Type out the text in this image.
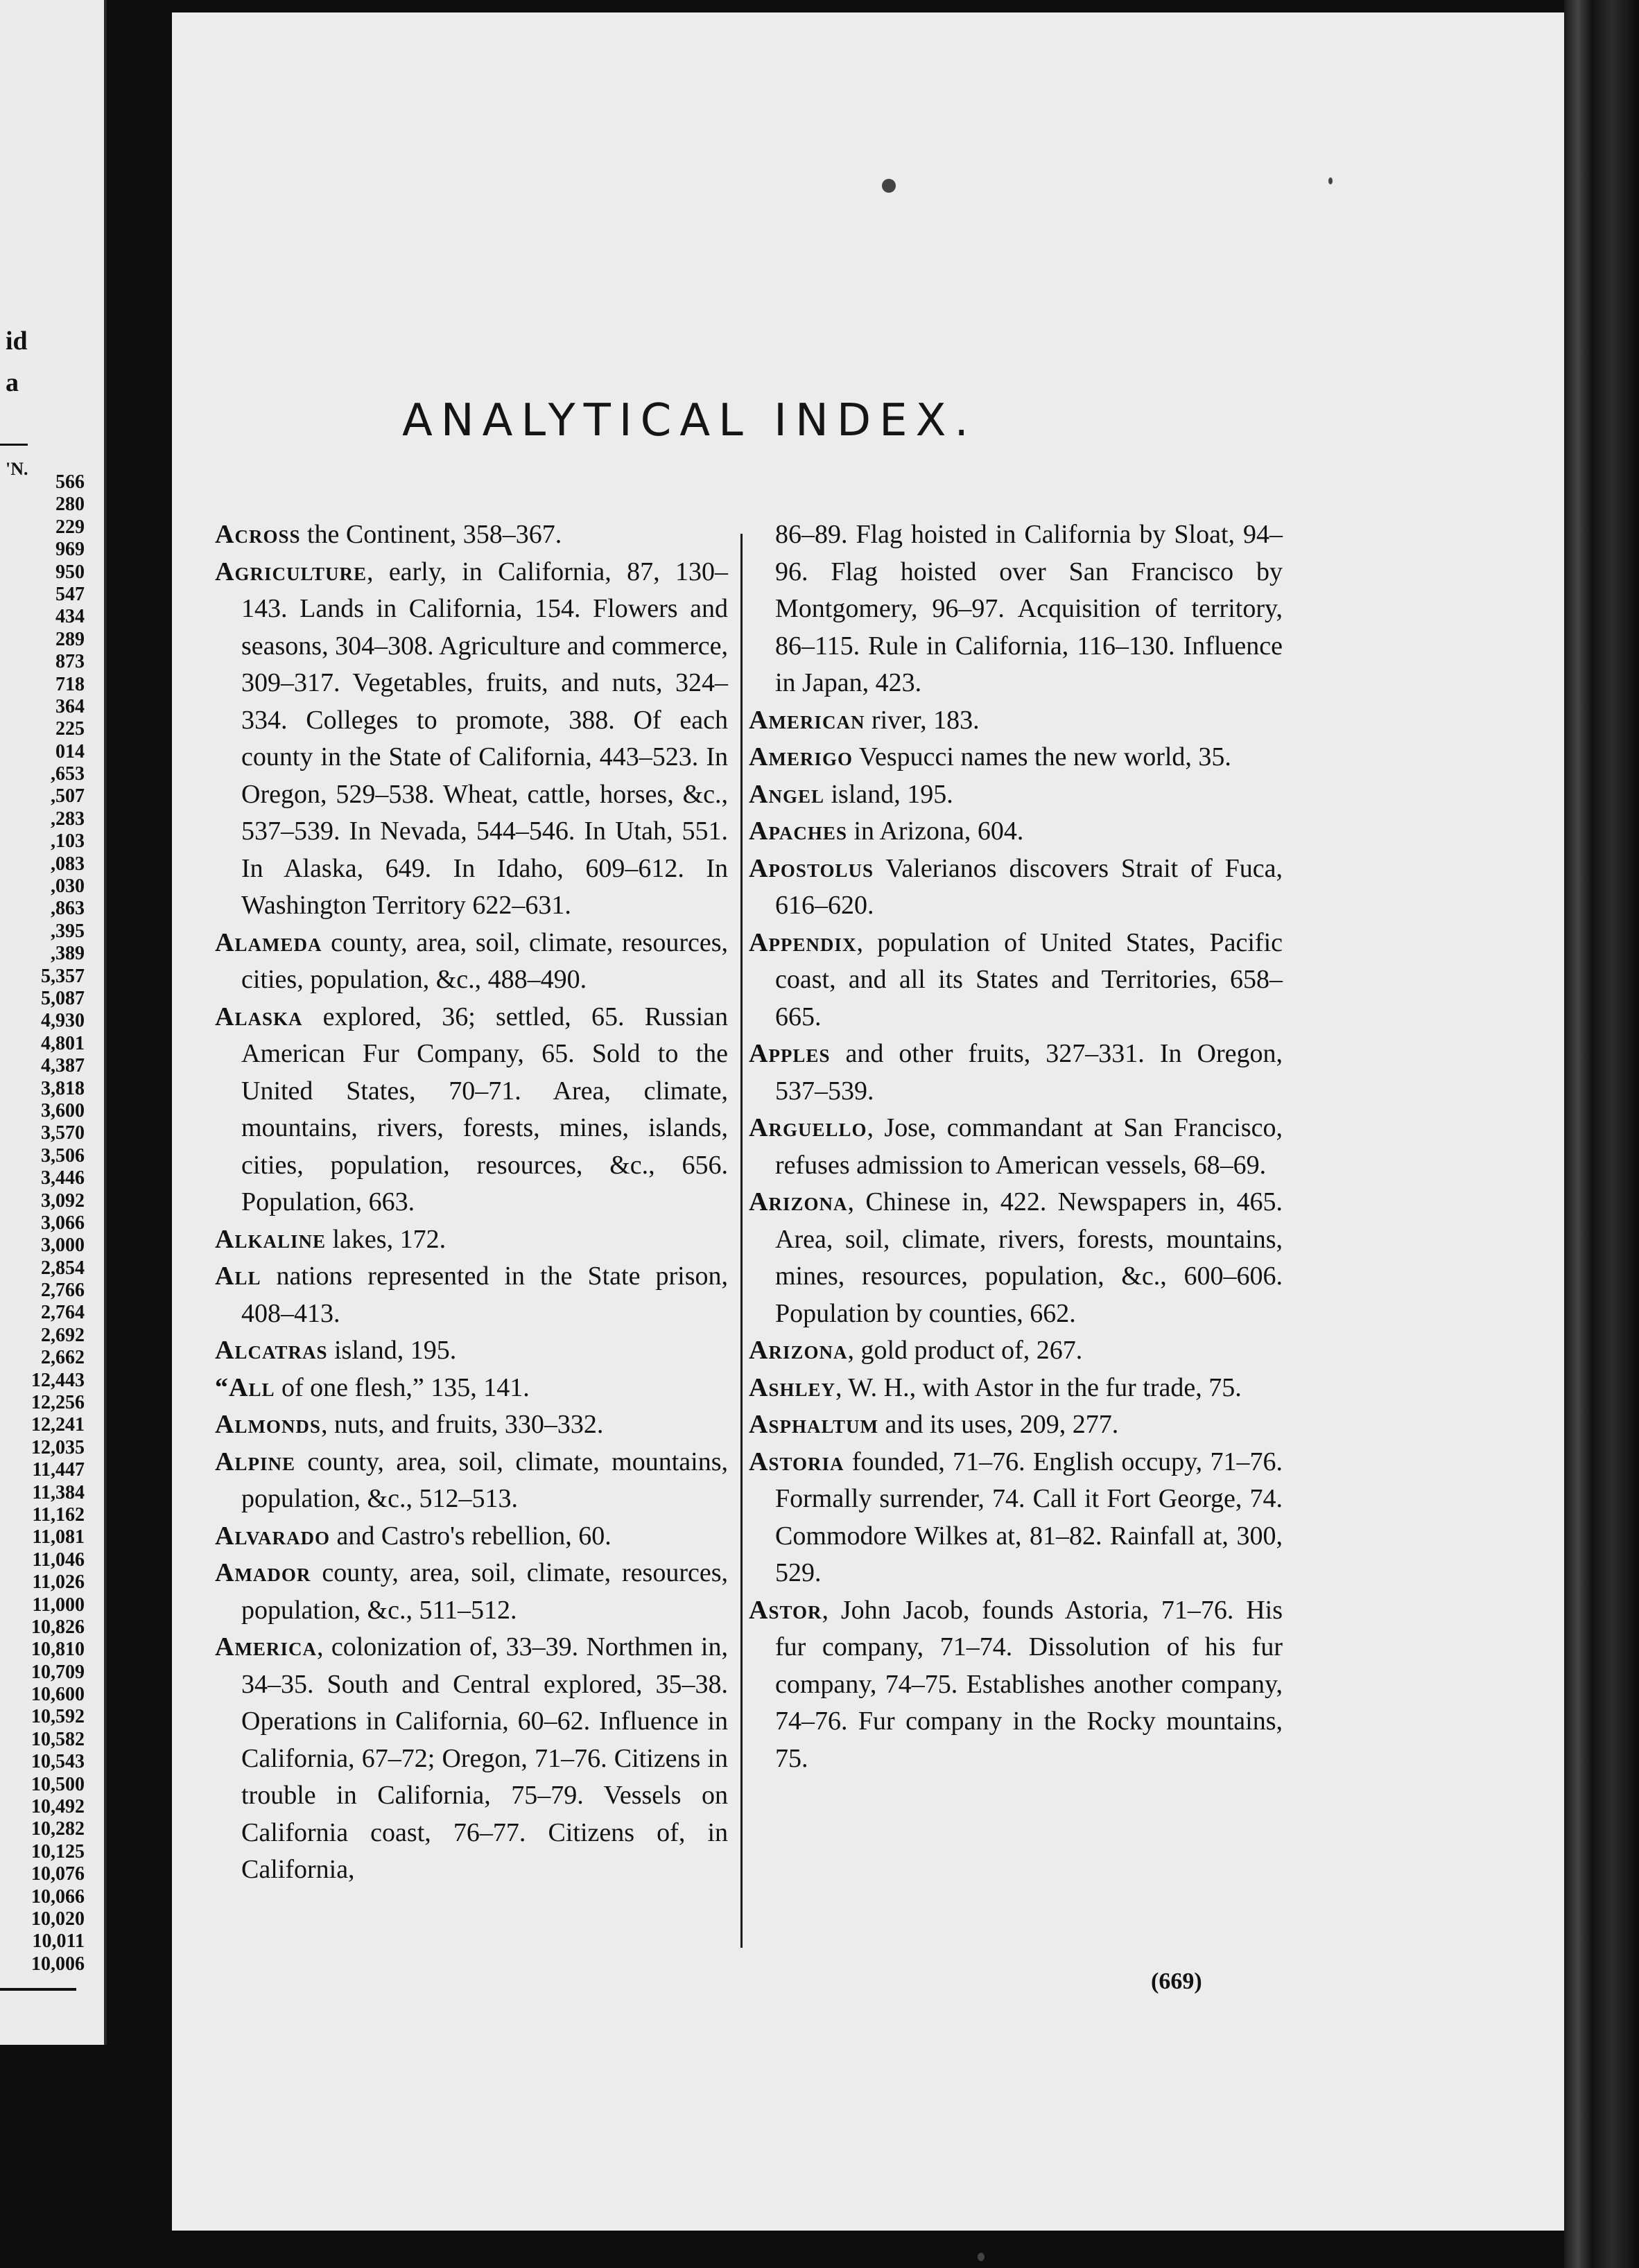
id
a
'N.
566
280
229
969
950
547
434
289
873
718
364
225
014
,653
,507
,283
,103
,083
,030
,863
,395
,389
5,357
5,087
4,930
4,801
4,387
3,818
3,600
3,570
3,506
3,446
3,092
3,066
3,000
2,854
2,766
2,764
2,692
2,662
12,443
12,256
12,241
12,035
11,447
11,384
11,162
11,081
11,046
11,026
11,000
10,826
10,810
10,709
10,600
10,592
10,582
10,543
10,500
10,492
10,282
10,125
10,076
10,066
10,020
10,011
10,006
ANALYTICAL INDEX.
Across the Continent, 358–367.
Agriculture, early, in California, 87, 130–143. Lands in California, 154. Flowers and seasons, 304–308. Agriculture and commerce, 309–317. Vegetables, fruits, and nuts, 324–334. Colleges to promote, 388. Of each county in the State of California, 443–523. In Oregon, 529–538. Wheat, cattle, horses, &c., 537–539. In Nevada, 544–546. In Utah, 551. In Alaska, 649. In Idaho, 609–612. In Washington Territory 622–631.
Alameda county, area, soil, climate, resources, cities, population, &c., 488–490.
Alaska explored, 36; settled, 65. Russian American Fur Company, 65. Sold to the United States, 70–71. Area, climate, mountains, rivers, forests, mines, islands, cities, population, resources, &c., 656. Population, 663.
Alkaline lakes, 172.
All nations represented in the State prison, 408–413.
Alcatras island, 195.
“All of one flesh,” 135, 141.
Almonds, nuts, and fruits, 330–332.
Alpine county, area, soil, climate, mountains, population, &c., 512–513.
Alvarado and Castro's rebellion, 60.
Amador county, area, soil, climate, resources, population, &c., 511–512.
America, colonization of, 33–39. Northmen in, 34–35. South and Central explored, 35–38. Operations in California, 60–62. Influence in California, 67–72; Oregon, 71–76. Citizens in trouble in California, 75–79. Vessels on California coast, 76–77. Citizens of, in California,
86–89. Flag hoisted in California by Sloat, 94–96. Flag hoisted over San Francisco by Montgomery, 96–97. Acquisition of territory, 86–115. Rule in California, 116–130. Influence in Japan, 423.
American river, 183.
Amerigo Vespucci names the new world, 35.
Angel island, 195.
Apaches in Arizona, 604.
Apostolus Valerianos discovers Strait of Fuca, 616–620.
Appendix, population of United States, Pacific coast, and all its States and Territories, 658–665.
Apples and other fruits, 327–331. In Oregon, 537–539.
Arguello, Jose, commandant at San Francisco, refuses admission to American vessels, 68–69.
Arizona, Chinese in, 422. Newspapers in, 465. Area, soil, climate, rivers, forests, mountains, mines, resources, population, &c., 600–606. Population by counties, 662.
Arizona, gold product of, 267.
Ashley, W. H., with Astor in the fur trade, 75.
Asphaltum and its uses, 209, 277.
Astoria founded, 71–76. English occupy, 71–76. Formally surrender, 74. Call it Fort George, 74. Commodore Wilkes at, 81–82. Rainfall at, 300, 529.
Astor, John Jacob, founds Astoria, 71–76. His fur company, 71–74. Dissolution of his fur company, 74–75. Establishes another company, 74–76. Fur company in the Rocky mountains, 75.
(669)
